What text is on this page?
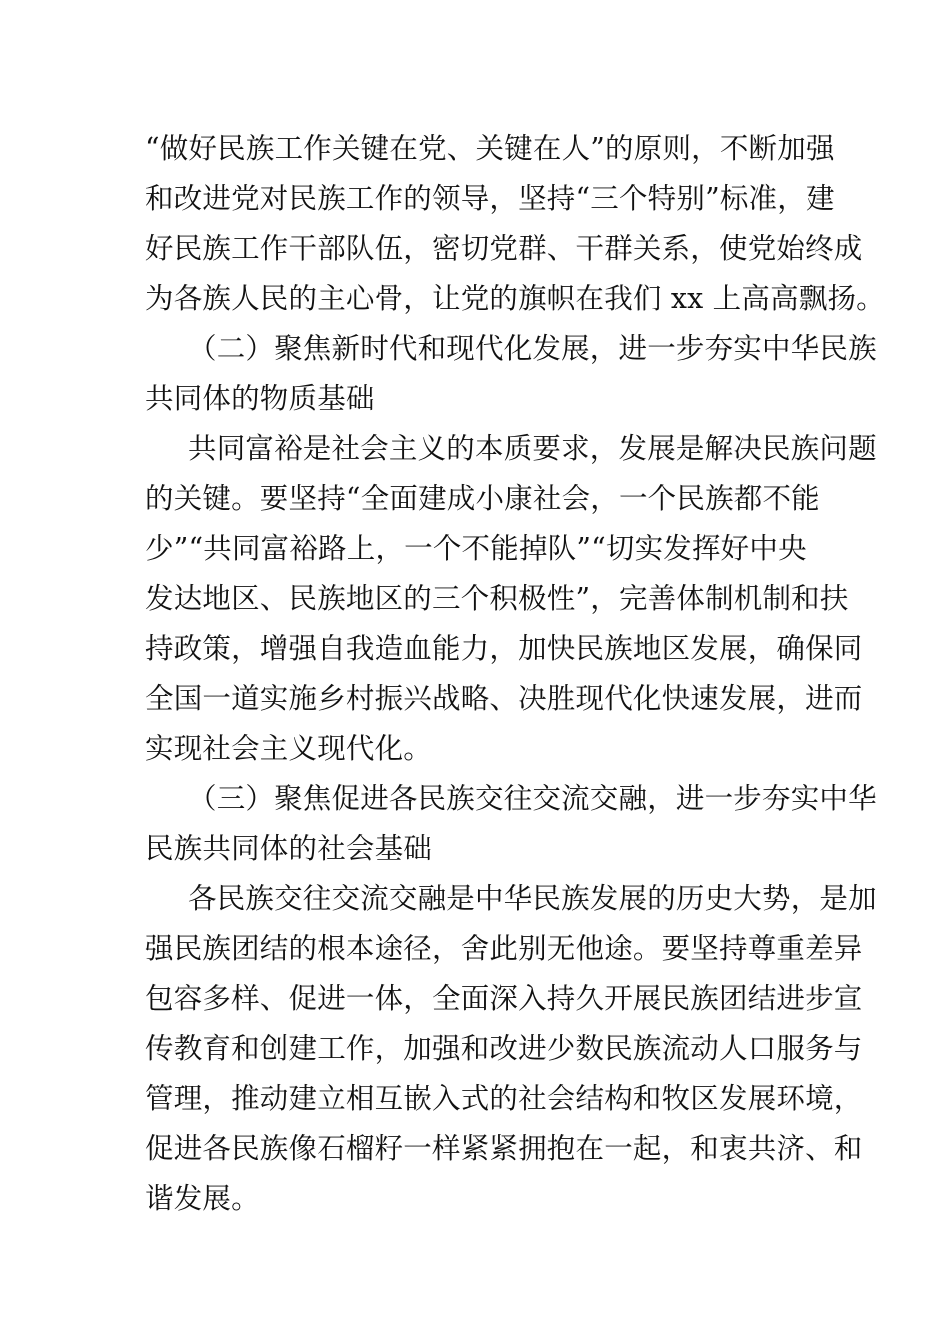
“做好民族工作关键在党、关键在人”的原则，不断加强
和改进党对民族工作的领导，坚持“三个特别”标准，建
好民族工作干部队伍，密切党群、干群关系，使党始终成
为各族人民的主心骨，让党的旗帜在我们 xx 上高高飘扬。
（二）聚焦新时代和现代化发展，进一步夯实中华民族
共同体的物质基础
共同富裕是社会主义的本质要求，发展是解决民族问题
的关键。要坚持“全面建成小康社会，一个民族都不能
少”“共同富裕路上，一个不能掉队”“切实发挥好中央
发达地区、民族地区的三个积极性”，完善体制机制和扶
持政策，增强自我造血能力，加快民族地区发展，确保同
全国一道实施乡村振兴战略、决胜现代化快速发展，进而
实现社会主义现代化。
（三）聚焦促进各民族交往交流交融，进一步夯实中华
民族共同体的社会基础
各民族交往交流交融是中华民族发展的历史大势，是加
强民族团结的根本途径，舍此别无他途。要坚持尊重差异
包容多样、促进一体，全面深入持久开展民族团结进步宣
传教育和创建工作，加强和改进少数民族流动人口服务与
管理，推动建立相互嵌入式的社会结构和牧区发展环境，
促进各民族像石榴籽一样紧紧拥抱在一起，和衷共济、和
谐发展。
